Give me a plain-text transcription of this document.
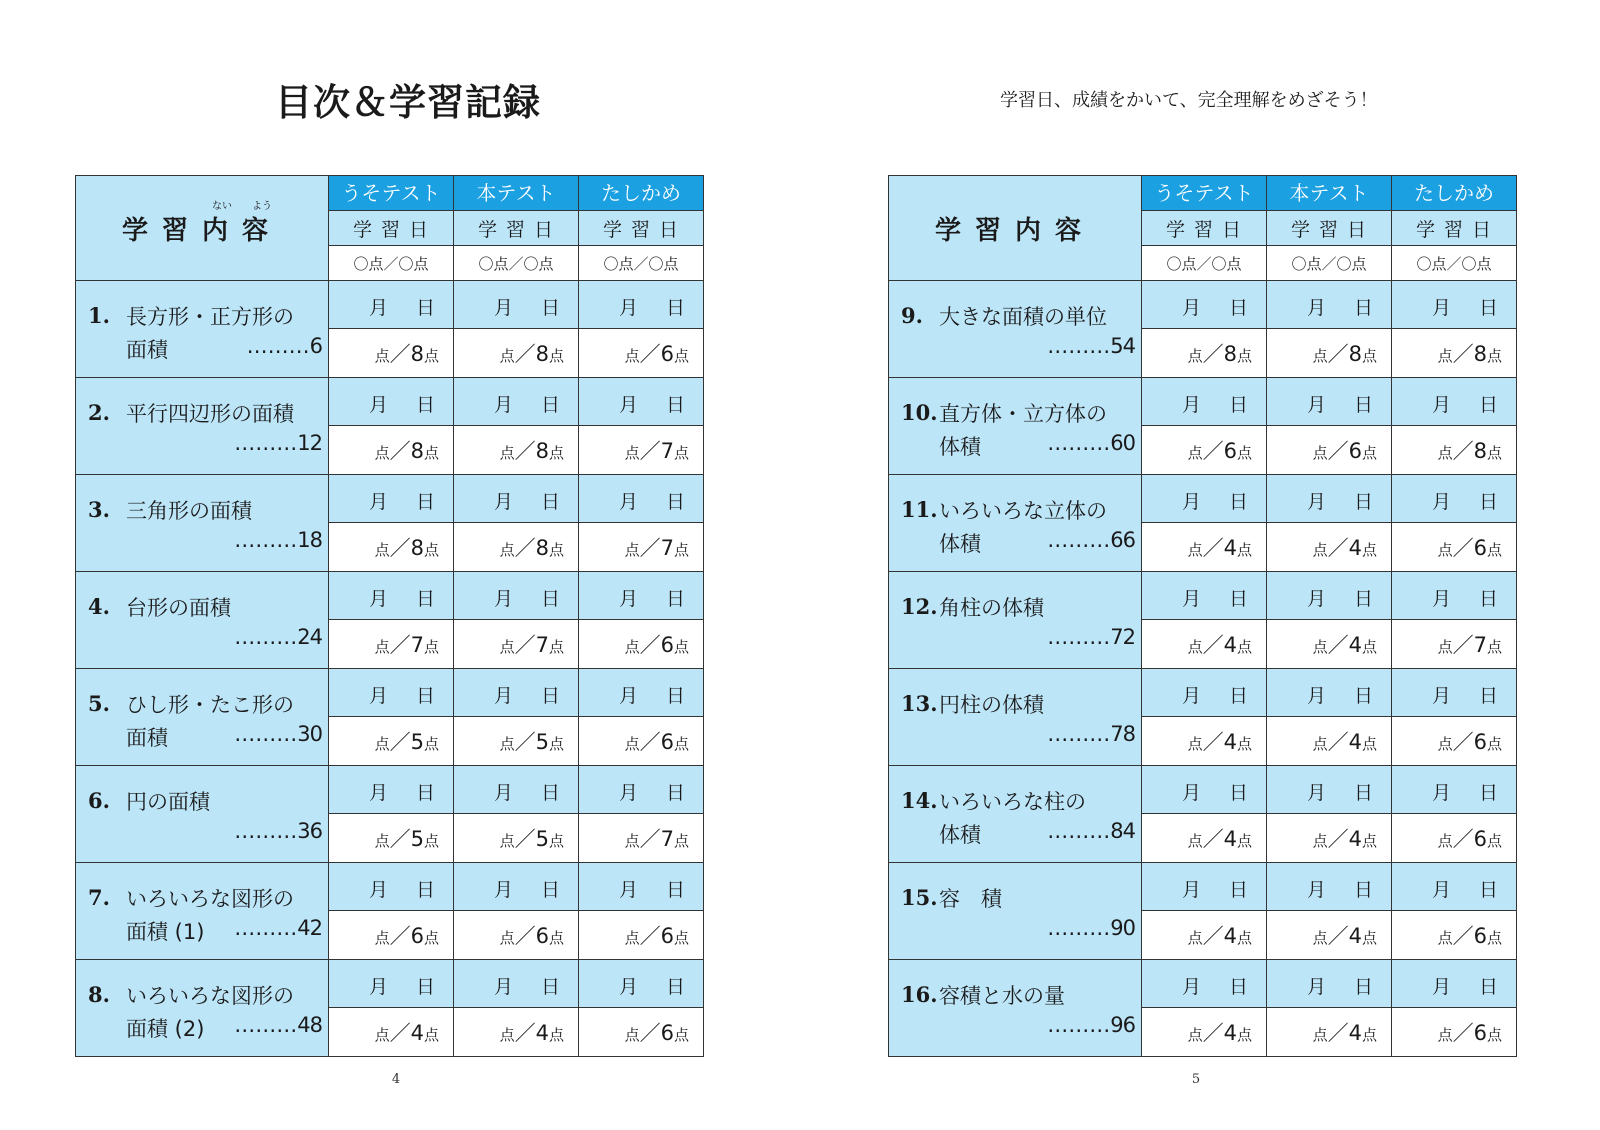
目次＆学習記録
学習内
ない
容
よう	うそテスト	本テスト	たしかめ
	学習日	学習日	学習日
	〇点／〇点	〇点／〇点	〇点／〇点

1. 長方形・正方形の
面積 ………6	月 日	月 日	月 日

	点／8点	点／8点	点／6点

2. 平行四辺形の面積
………12	月 日	月 日	月 日

	点／8点	点／8点	点／7点

3. 三角形の面積
………18	月 日	月 日	月 日

	点／8点	点／8点	点／7点

4. 台形の面積
………24	月 日	月 日	月 日

	点／7点	点／7点	点／6点

5. ひし形・たこ形の
面積 ………30	月 日	月 日	月 日

	点／5点	点／5点	点／6点

6. 円の面積
………36	月 日	月 日	月 日

	点／5点	点／5点	点／7点

7. いろいろな図形の
面積 (1) ………42	月 日	月 日	月 日

	点／6点	点／6点	点／6点

8. いろいろな図形の
面積 (2) ………48	月 日	月 日	月 日

	点／4点	点／4点	点／6点
4
学習日、成績をかいて、完全理解をめざそう！
学習内容	うそテスト	本テスト	たしかめ
	学習日	学習日	学習日
	〇点／〇点	〇点／〇点	〇点／〇点

9. 大きな面積の単位
………54	月 日	月 日	月 日

	点／8点	点／8点	点／8点

10. 直方体・立方体の
体積 ………60	月 日	月 日	月 日

	点／6点	点／6点	点／8点

11. いろいろな立体の
体積 ………66	月 日	月 日	月 日

	点／4点	点／4点	点／6点

12. 角柱の体積
………72	月 日	月 日	月 日

	点／4点	点／4点	点／7点

13. 円柱の体積
………78	月 日	月 日	月 日

	点／4点	点／4点	点／6点

14. いろいろな柱の
体積 ………84	月 日	月 日	月 日

	点／4点	点／4点	点／6点

15. 容　積
………90	月 日	月 日	月 日

	点／4点	点／4点	点／6点

16. 容積と水の量
………96	月 日	月 日	月 日

	点／4点	点／4点	点／6点
5
